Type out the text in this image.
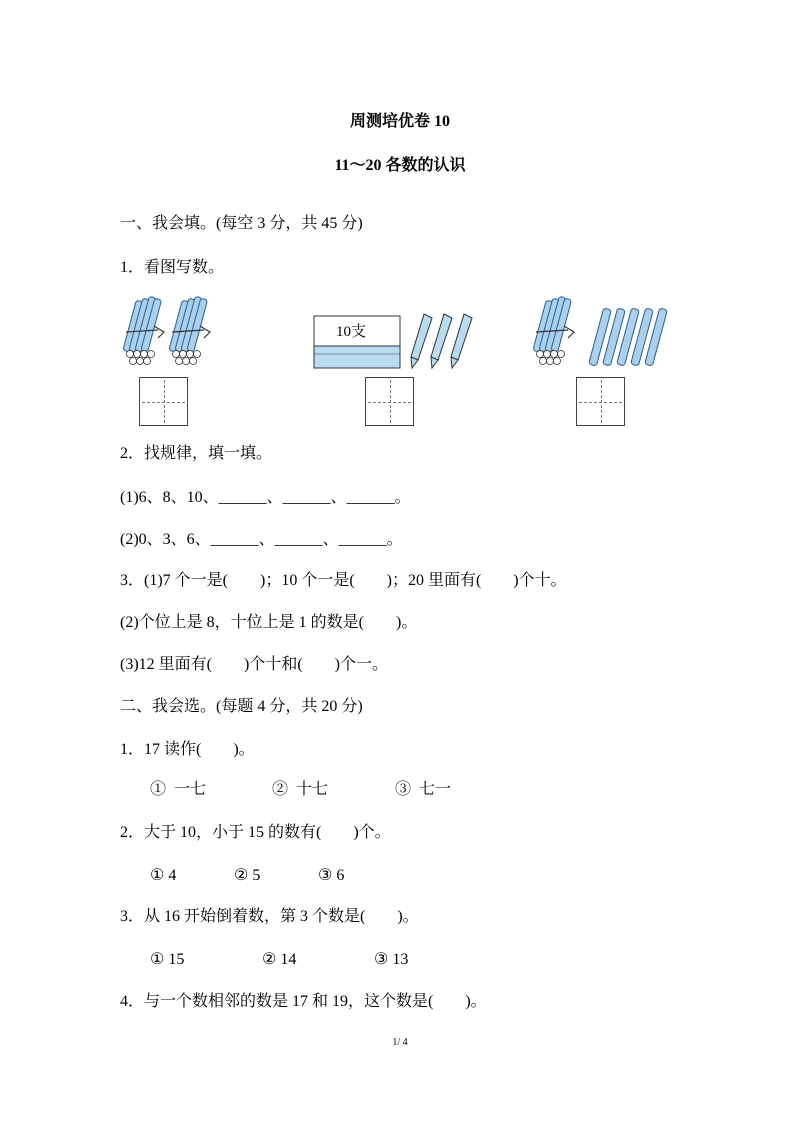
周测培优卷 10
11～20 各数的认识
一、我会填。(每空 3 分，共 45 分)
1．看图写数。
10支
2．找规律，填一填。
(1)6、8、10、______、______、______。
(2)0、3、6、______、______、______。
3．(1)7 个一是(　　)；10 个一是(　　)；20 里面有(　　)个十。
(2)个位上是 8，十位上是 1 的数是(　　)。
(3)12 里面有(　　)个十和(　　)个一。
二、我会选。(每题 4 分，共 20 分)
1．17 读作(　　)。
①  一七	②  十七	③  七一
2．大于 10，小于 15 的数有(　　)个。
① 4	② 5	③ 6
3．从 16 开始倒着数，第 3 个数是(　　)。
① 15	② 14	③ 13
4．与一个数相邻的数是 17 和 19，这个数是(　　)。
1/ 4
